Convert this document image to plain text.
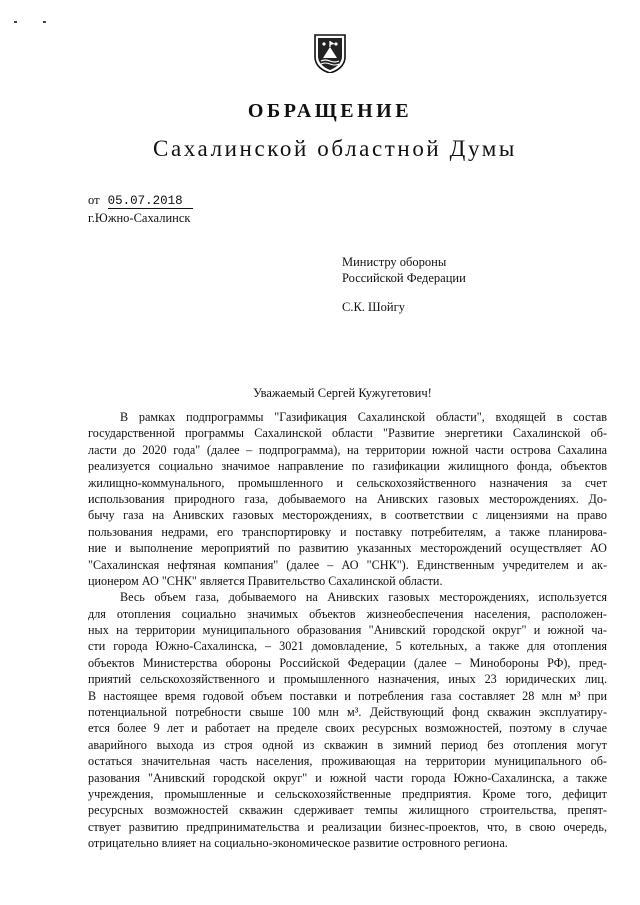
ОБРАЩЕНИЕ
Сахалинской областной Думы
от 05.07.2018
г.Южно-Сахалинск
Министру обороны
Российской Федерации
С.К. Шойгу
Уважаемый Сергей Кужугетович!
В рамках подпрограммы "Газификация Сахалинской области", входящей в состав
государственной программы Сахалинской области "Развитие энергетики Сахалинской об-
ласти до 2020 года" (далее – подпрограмма), на территории южной части острова Сахалина
реализуется социально значимое направление по газификации жилищного фонда, объектов
жилищно-коммунального, промышленного и сельскохозяйственного назначения за счет
использования природного газа, добываемого на Анивских газовых месторождениях. До-
бычу газа на Анивских газовых месторождениях, в соответствии с лицензиями на право
пользования недрами, его транспортировку и поставку потребителям, а также планирова-
ние и выполнение мероприятий по развитию указанных месторождений осуществляет АО
"Сахалинская нефтяная компания" (далее – АО "СНК"). Единственным учредителем и ак-
ционером АО "СНК" является Правительство Сахалинской области.
Весь объем газа, добываемого на Анивских газовых месторождениях, используется
для отопления социально значимых объектов жизнеобеспечения населения, расположен-
ных на территории муниципального образования "Анивский городской округ" и южной ча-
сти города Южно-Сахалинска, – 3021 домовладение, 5 котельных, а также для отопления
объектов Министерства обороны Российской Федерации (далее – Минобороны РФ), пред-
приятий сельскохозяйственного и промышленного назначения, иных 23 юридических лиц.
В настоящее время годовой объем поставки и потребления газа составляет 28 млн м³ при
потенциальной потребности свыше 100 млн м³. Действующий фонд скважин эксплуатиру-
ется более 9 лет и работает на пределе своих ресурсных возможностей, поэтому в случае
аварийного выхода из строя одной из скважин в зимний период без отопления могут
остаться значительная часть населения, проживающая на территории муниципального об-
разования "Анивский городской округ" и южной части города Южно-Сахалинска, а также
учреждения, промышленные и сельскохозяйственные предприятия. Кроме того, дефицит
ресурсных возможностей скважин сдерживает темпы жилищного строительства, препят-
ствует развитию предпринимательства и реализации бизнес-проектов, что, в свою очередь,
отрицательно влияет на социально-экономическое развитие островного региона.
